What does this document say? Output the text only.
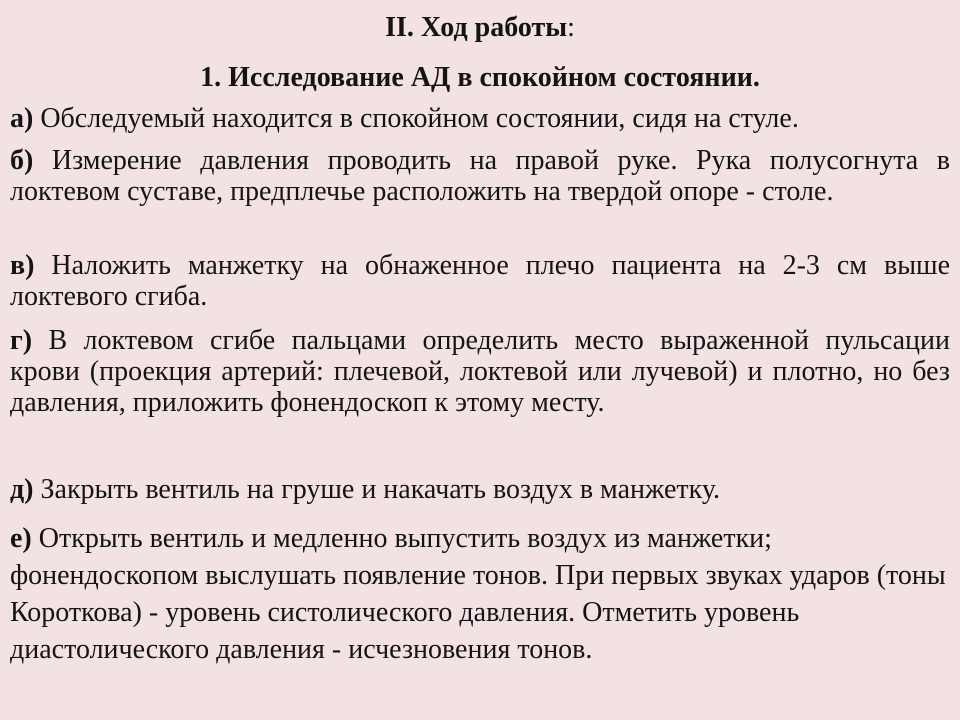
II. Ход работы:
1. Исследование АД в спокойном состоянии.
а) Обследуемый находится в спокойном состоянии, сидя на стуле.
б) Измерение давления проводить на правой руке. Рука полусогнута в локтевом суставе, предплечье расположить на твердой опоре - столе.
в) Наложить манжетку на обнаженное плечо пациента на 2-3 см выше локтевого сгиба.
г) В локтевом сгибе пальцами определить место выраженной пульсации крови (проекция артерий: плечевой, локтевой или лучевой) и плотно, но без давления, приложить фонендоскоп к этому месту.
д) Закрыть вентиль на груше и накачать воздух в манжетку.
е) Открыть вентиль и медленно выпустить воздух из манжетки; фонендоскопом выслушать появление тонов. При первых звуках ударов (тоны Короткова) - уровень систолического давления. Отметить уровень диастолического давления - исчезновения тонов.
